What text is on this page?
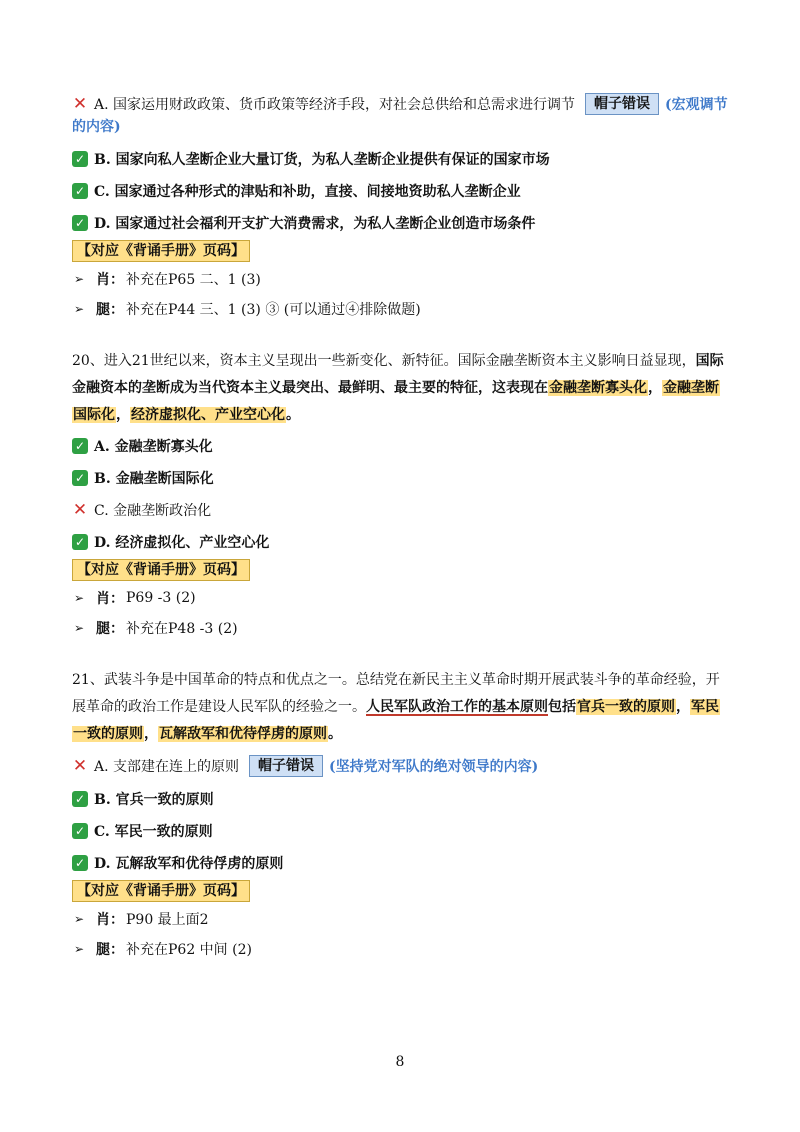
✕ A. 国家运用财政政策、货币政策等经济手段，对社会总供给和总需求进行调节	帽子错误	(宏观调节

的内容)

✓ B. 国家向私人垄断企业大量订货，为私人垄断企业提供有保证的国家市场
✓ C. 国家通过各种形式的津贴和补助，直接、间接地资助私人垄断企业
✓ D. 国家通过社会福利开支扩大消费需求，为私人垄断企业创造市场条件
【对应《背诵手册》页码】
➢ 肖： 补充在P65 二、1 (3)
➢ 腿： 补充在P44 三、1 (3) ③ (可以通过④排除做题)

20、进入21世纪以来，资本主义呈现出一些新变化、新特征。国际金融垄断资本主义影响日益显现，国际
金融资本的垄断成为当代资本主义最突出、最鲜明、最主要的特征，这表现在金融垄断寡头化，金融垄断
国际化，经济虚拟化、产业空心化。

✓ A. 金融垄断寡头化
✓ B. 金融垄断国际化
✕ C. 金融垄断政治化
✓ D. 经济虚拟化、产业空心化
【对应《背诵手册》页码】
➢ 肖： P69 -3 (2)
➢ 腿： 补充在P48 -3 (2)

21、武装斗争是中国革命的特点和优点之一。总结党在新民主主义革命时期开展武装斗争的革命经验，开
展革命的政治工作是建设人民军队的经验之一。人民军队政治工作的基本原则包括官兵一致的原则，军民
一致的原则，瓦解敌军和优待俘虏的原则。

✕ A. 支部建在连上的原则	帽子错误	(坚持党对军队的绝对领导的内容)
✓ B. 官兵一致的原则
✓ C. 军民一致的原则
✓ D. 瓦解敌军和优待俘虏的原则
【对应《背诵手册》页码】
➢ 肖： P90 最上面2
➢ 腿： 补充在P62 中间 (2)
8
